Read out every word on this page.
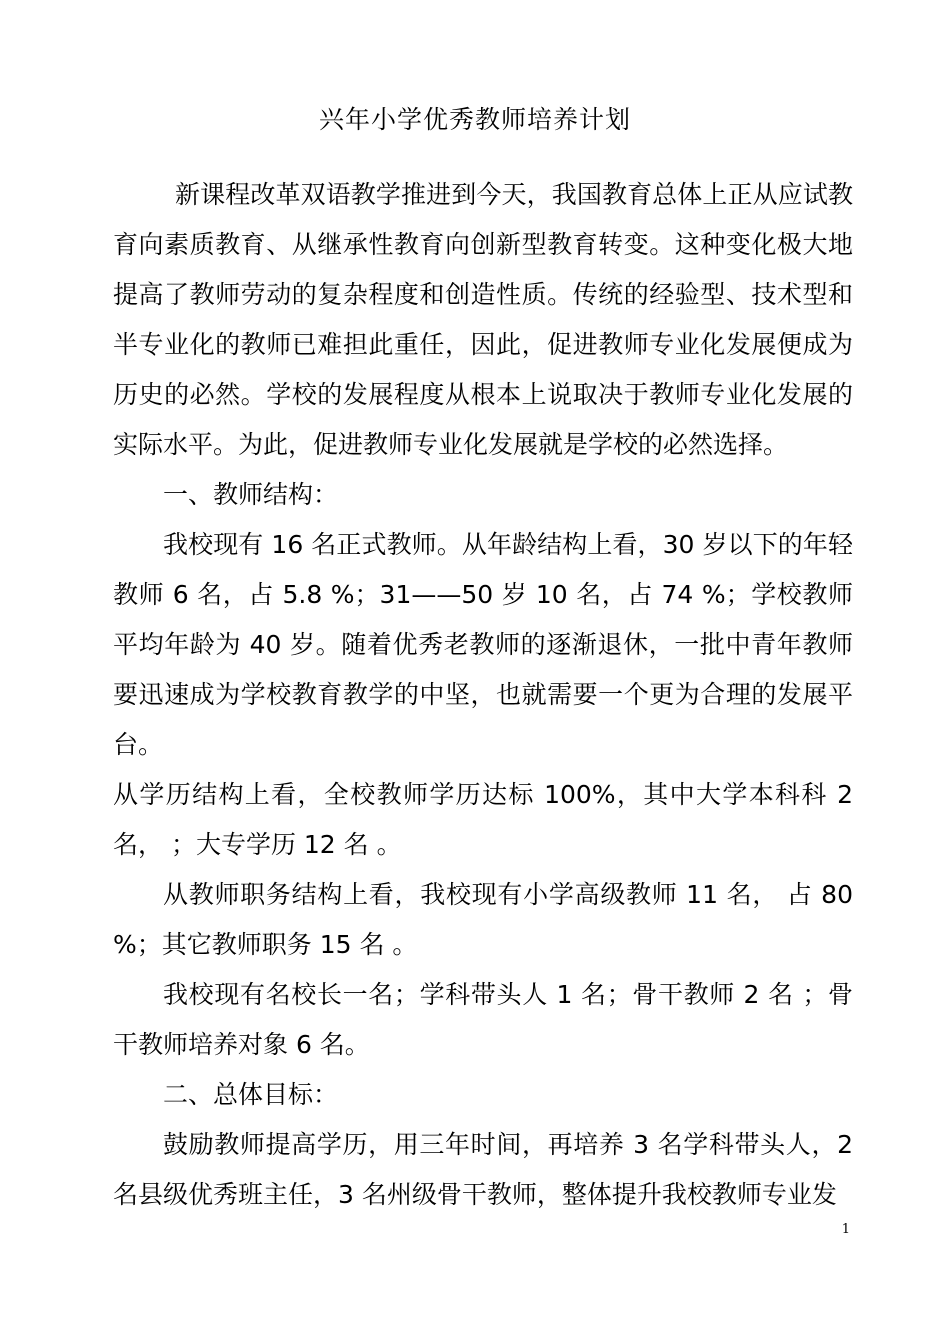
兴年小学优秀教师培养计划

新课程改革双语教学推进到今天，我国教育总体上正从应试教育向素质教育、从继承性教育向创新型教育转变。这种变化极大地提高了教师劳动的复杂程度和创造性质。传统的经验型、技术型和半专业化的教师已难担此重任，因此，促进教师专业化发展便成为历史的必然。学校的发展程度从根本上说取决于教师专业化发展的实际水平。为此，促进教师专业化发展就是学校的必然选择。

一、教师结构：

我校现有 16 名正式教师。从年龄结构上看，30 岁以下的年轻教师 6 名，占 5.8 %；31——50 岁 10 名，占 74 %；学校教师平均年龄为 40 岁。随着优秀老教师的逐渐退休，一批中青年教师要迅速成为学校教育教学的中坚，也就需要一个更为合理的发展平台。

从学历结构上看，全校教师学历达标 100%，其中大学本科科 2 名， ；大专学历 12 名 。

从教师职务结构上看，我校现有小学高级教师 11 名， 占 80 %；其它教师职务 15 名 。

我校现有名校长一名；学科带头人 1 名；骨干教师 2 名 ；骨干教师培养对象 6 名。

二、总体目标：

鼓励教师提高学历，用三年时间，再培养 3 名学科带头人，2 名县级优秀班主任，3 名州级骨干教师，整体提升我校教师专业发

1
